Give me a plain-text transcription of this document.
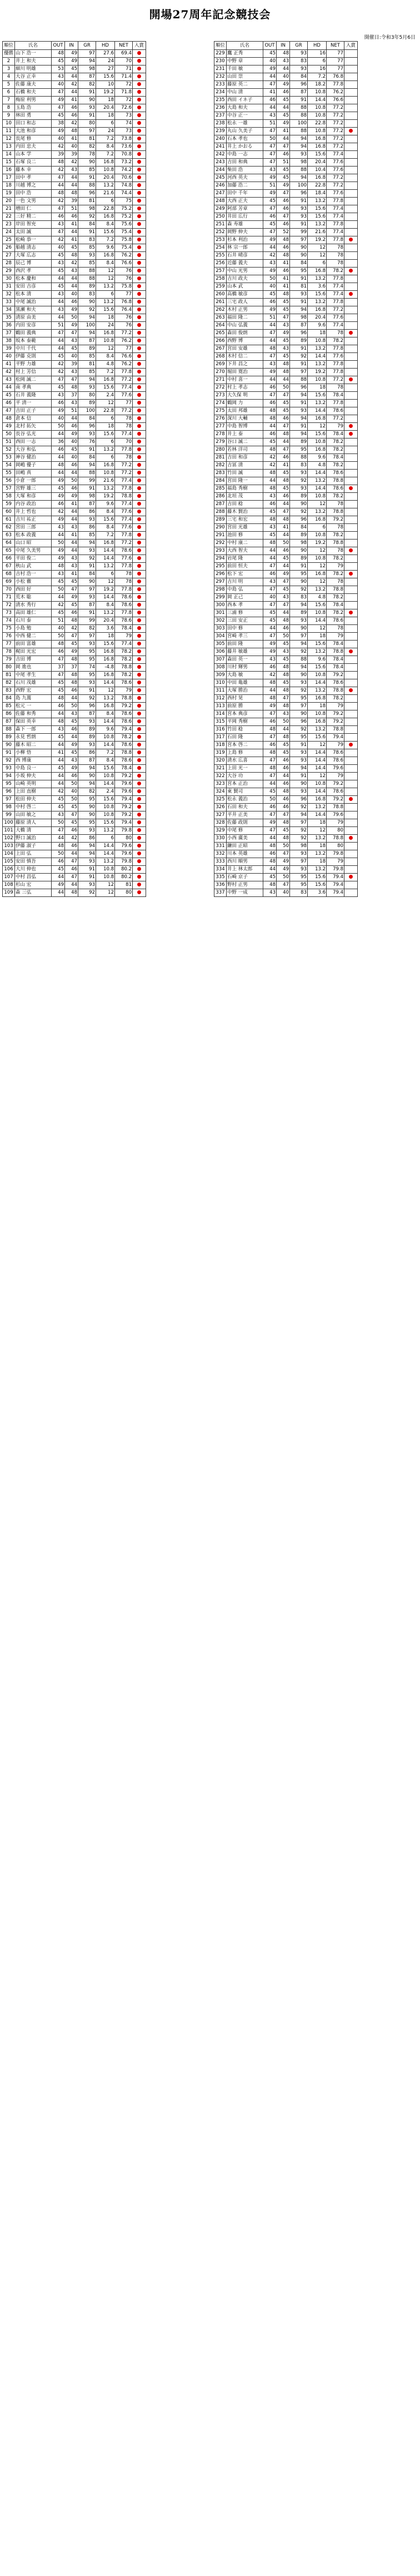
開場27周年記念競技会
開催日:令和3年5月6日
順位	氏名	OUT	IN	GR	HD	NET	入賞
優勝	山下 浩一	48	49	97	27.6	69.4	
2	井上 和夫	45	49	94	24	70	
3	細川 明雄	53	45	98	27	71	
4	大谷 正幸	43	44	87	15.6	71.4	
5	佐藤 康夫	40	42	82	10	72	
6	石橋 和夫	47	44	91	19.2	71.8	
7	梅原 利男	49	41	90	18	72	
8	玉島 浩	47	46	93	20.4	72.6	
9	林田 勇	45	46	91	18	73	
10	田口 和志	38	42	80	6	74	
11	大池 和彦	49	48	97	24	73	
12	長尾 修	40	41	81	7.2	73.8	
13	内田 忠夫	42	40	82	8.4	73.6	
14	山本 学	39	39	78	7.2	70.8	
15	石塚 良二	48	42	90	16.8	73.2	
16	藤本 幸	42	43	85	10.8	74.2	
17	田中 孝	47	44	91	20.4	70.6	
18	川越 博之	44	44	88	13.2	74.8	
19	田中 浩	48	48	96	21.6	74.4	
20	一色 文男	42	39	81	6	75	
21	増田 仁	47	51	98	22.8	75.2	
22	三好 精二	46	46	92	16.8	75.2	
23	岸田 智充	43	41	84	8.4	75.6	
24	太田 誠	47	44	91	15.6	75.4	
25	松崎 恭一	42	41	83	7.2	75.8	
26	船越 清志	40	45	85	9.6	75.4	
27	大塚 広志	45	48	93	16.8	76.2	
28	辰己 博	43	42	85	8.4	76.6	
29	西沢 孝	45	43	88	12	76	
30	松本 慶和	44	44	88	12	76	
31	安田 吉彦	45	44	89	13.2	75.8	
32	松本 清	43	40	83	6	77	
33	中尾 誠治	44	46	90	13.2	76.8	
34	黒瀬 和夫	43	49	92	15.6	76.4	
35	清原 由美	44	50	94	18	76	
36	内田 安彦	51	49	100	24	76	
37	鶴田 義典	47	47	94	16.8	77.2	
38	坂本 泰範	44	43	87	10.8	76.2	
39	中川 千代	44	45	89	12	77	
40	伊藤 克則	45	40	85	8.4	76.6	
41	平野 力雄	42	39	81	4.8	76.2	
42	村上 芳信	42	43	85	7.2	77.8	
43	松岡 誠二	47	47	94	16.8	77.2	
44	南 孝典	45	48	93	15.6	77.4	
45	石井 義隆	43	37	80	2.4	77.6	
46	平 清一	46	43	89	12	77	
47	吉田 正子	49	51	100	22.8	77.2	
48	倉本 信	40	44	84	6	78	
49	北村 拓矢	50	46	96	18	78	
50	長谷 弘光	44	49	93	15.6	77.4	
51	西田 一志	36	40	76	6	70	
52	大谷 和弘	46	45	91	13.2	77.8	
53	神谷 健治	44	40	84	6	78	
54	岡嶋 優子	48	46	94	16.8	77.2	
55	田嶋 真	44	44	88	10.8	77.2	
56	小倉 一郎	49	50	99	21.6	77.4	
57	宮野 雄三	45	46	91	13.2	77.8	
58	大塚 和彦	49	49	98	19.2	78.8	
59	内谷 政治	46	41	87	9.6	77.4	
60	井上 哲也	42	44	86	8.4	77.6	
61	吉川 祐正	49	44	93	15.6	77.4	
62	宮田 三郎	43	43	86	8.4	77.6	
63	松本 政義	44	41	85	7.2	77.8	
64	山口 昭	50	44	94	16.8	77.2	
65	中尾 久美男	49	44	93	14.4	78.6	
66	平田 俊二	49	43	92	14.4	77.6	
67	秋山 武	48	43	91	13.2	77.8	
68	吉村 浩一	43	41	84	6	78	
69	小松 徹	45	45	90	12	78	
70	西田 好	50	47	97	19.2	77.8	
71	荒木 聡	44	49	93	14.4	78.6	
72	清水 秀行	42	45	87	8.4	78.6	
73	高田 雄仁	45	46	91	13.2	77.8	
74	石川 泰	51	48	99	20.4	78.6	
75	小島 勉	40	42	82	3.6	78.4	
76	中西 健二	50	47	97	18	79	
77	前田 富雄	48	45	93	15.6	77.4	
78	梶田 光宏	46	49	95	16.8	78.2	
79	吉田 博	47	48	95	16.8	78.2	
80	岡 進也	37	37	74	-4.8	78.8	
81	中尾 孝生	47	48	95	16.8	78.2	
82	石川 茂雄	45	48	93	14.4	78.6	
83	西野 宏	45	46	91	12	79	
84	島 九萬	48	44	92	13.2	78.8	
85	松元 一	46	50	96	16.8	79.2	
86	佐藤 和秀	44	43	87	8.4	78.6	
87	保田 英幸	48	45	93	14.4	78.6	
88	森下 一郎	43	46	89	9.6	79.4	
89	永見 哲朗	45	44	89	10.8	78.2	
90	藤木 昭二	44	49	93	14.4	78.6	
91	小柳 悟	41	45	86	7.2	78.8	
92	西 博康	44	43	87	8.4	78.6	
93	中島 良一	45	49	94	15.6	78.4	
94	小坂 伸夫	44	46	90	10.8	79.2	
95	山崎 英明	44	50	94	14.4	79.6	
96	上田 直樹	42	40	82	2.4	79.6	
97	松田 伸夫	45	50	95	15.6	79.4	
98	中村 啓二	45	45	90	10.8	79.2	
99	山田 敏之	43	47	90	10.8	79.2	
100	藤原 清人	50	45	95	15.6	79.4	
101	大橋 清	47	46	93	13.2	79.8	
102	野口 誠治	44	42	86	6	80	
103	伊藤 淑子	48	46	94	14.4	79.6	
104	上田 弘	50	44	94	14.4	79.6	
105	安田 慎吾	46	47	93	13.2	79.8	
106	大川 伸也	45	46	91	10.8	80.2	
107	中村 昌弘	44	47	91	10.8	80.2	
108	杉山 宏	49	44	93	12	81	
109	森 三弘	44	48	92	12	80	
順位	氏名	OUT	IN	GR	HD	NET	入賞
229	鷹 正秀	45	48	93	16	77	
230	中野 章	40	43	83	6	77	
231	千田 敏	49	44	93	16	77	
232	山田 崇	44	40	84	7.2	76.8	
233	藤原 英二	47	49	96	18.2	77.8	
234	中山 清	41	46	87	10.8	76.2	
235	西田 イネ子	46	45	91	14.4	76.6	
236	大島 和夫	44	44	88	10.8	77.2	
237	中谷 正一	43	45	88	10.8	77.2	
238	松永 一雄	51	49	100	22.8	77.2	
239	丸山 久美子	47	41	88	10.8	77.2	
240	石本 孝也	50	44	94	16.8	77.2	
241	井上 かおる	47	47	94	16.8	77.2	
242	中島 一志	47	46	93	15.6	77.4	
243	吉田 和典	47	51	98	20.4	77.6	
244	柴田 浩	43	45	88	10.4	77.6	
245	河西 英夫	49	45	94	16.8	77.2	
246	加藤 浩二	51	49	100	22.8	77.2	
247	田中 千年	49	47	96	18.4	77.6	
248	大西 正夫	45	46	91	13.2	77.8	
249	阿部 芳章	47	46	93	15.6	77.4	
250	井田 広行	46	47	93	15.6	77.4	
251	森 寿雄	45	46	91	13.2	77.8	
252	岡野 伸夫	47	52	99	21.6	77.4	
253	杉本 利治	49	48	97	19.2	77.8	
254	林 宗一郎	44	46	90	12	78	
255	石井 晴彦	42	48	90	12	78	
256	近藤 義夫	43	41	84	6	78	
257	中山 光男	49	46	95	16.8	78.2	
258	吉川 政夫	50	41	91	13.2	77.8	
259	山本 武	40	41	81	3.6	77.4	
260	高橋 敏彦	45	48	93	15.6	77.4	
261	三宅 政人	46	45	91	13.2	77.8	
262	木村 正男	49	45	94	16.8	77.2	
263	福田 隆二	51	47	98	20.4	77.6	
264	中山 弘義	44	43	87	9.6	77.4	
265	森田 俊朗	47	49	96	18	78	
266	西野 博	44	45	89	10.8	78.2	
267	宮田 安雄	48	43	91	13.2	77.8	
268	木村 信二	47	45	92	14.4	77.6	
269	下井 昌之	43	48	91	13.2	77.8	
270	堀田 寛治	49	48	97	19.2	77.8	
271	中村 喜一	44	44	88	10.8	77.2	
272	村上 孝志	46	50	96	18	78	
273	大久保 明	47	47	94	15.6	78.4	
274	鶴岡 力	46	45	91	13.2	77.8	
275	太田 邦雄	48	45	93	14.4	78.6	
276	深川 大輔	48	46	94	16.8	77.2	
277	中島 智博	44	47	91	12	79	
278	井上 泰	46	48	94	15.6	78.4	
279	谷口 誠二	45	44	89	10.8	78.2	
280	若林 洋司	48	47	95	16.8	78.2	
281	吉田 和彦	42	46	88	9.6	78.4	
282	吉冨 清	42	41	83	4.8	78.2	
283	竹田 誠	48	45	93	14.4	78.6	
284	宮田 隆一	44	48	92	13.2	78.8	
285	福島 秀樹	48	45	93	14.4	78.6	
286	北垣 茂	43	46	89	10.8	78.2	
287	吉田 稔	46	44	90	12	78	
288	藤木 賢治	45	47	92	13.2	78.8	
289	三宅 和宏	48	48	96	16.8	79.2	
290	宮田 光雄	43	41	84	6	78	
291	池田 修	45	44	89	10.8	78.2	
292	中村 康二	48	50	98	19.2	78.8	
293	大西 智夫	44	46	90	12	78	
294	岩尾 隆	44	45	89	10.8	78.2	
295	前田 恒夫	47	44	91	12	79	
296	松下 宏	46	49	95	16.8	78.2	
297	吉川 明	43	47	90	12	78	
298	中島 弘	47	45	92	13.2	78.8	
299	岡 正己	40	43	83	4.8	78.2	
300	西本 孝	47	47	94	15.6	78.4	
301	三浦 修	45	44	89	10.8	78.2	
302	三田 安正	45	48	93	14.4	78.6	
303	田中 修	44	46	90	12	78	
304	宮崎 孝三	47	50	97	18	79	
305	前田 隆	49	45	94	15.6	78.4	
306	藤井 敏雄	49	43	92	13.2	78.8	
307	森田 英一	43	45	88	9.6	78.4	
308	川村 輝男	46	48	94	15.6	78.4	
309	大島 敏	42	48	90	10.8	79.2	
310	中田 亀雄	48	45	93	14.4	78.6	
311	大塚 勝治	44	48	92	13.2	78.8	
312	西村 晃	48	47	95	16.8	78.2	
313	前原 勝	49	48	97	18	79	
314	宮本 典彦	47	43	90	10.8	79.2	
315	平岡 秀樹	46	50	96	16.8	79.2	
316	竹田 稔	48	44	92	13.2	78.8	
317	石田 隆	47	48	95	15.6	79.4	
318	宮本 啓二	46	45	91	12	79	
319	上島 修	48	45	93	14.4	78.6	
320	清水 広喜	47	46	93	14.4	78.6	
321	上田 光一	48	46	94	14.4	79.6	
322	大谷 功	47	44	91	12	79	
323	宮本 正治	44	46	90	10.8	79.2	
324	東 賢司	45	48	93	14.4	78.6	
325	松永 義治	50	46	96	16.8	79.2	
326	石田 和夫	46	46	92	13.2	78.8	
327	平井 正美	47	47	94	14.4	79.6	
328	佐藤 政則	49	48	97	18	79	
329	中尾 修	47	45	92	12	80	
330	小西 廣美	44	48	92	13.2	78.8	
331	鎌田 正昭	48	50	98	18	80	
332	川本 英雄	46	47	93	13.2	79.8	
333	西川 順男	48	49	97	18	79	
334	井上 林太郎	44	49	93	13.2	79.8	
335	石崎 京子	45	50	95	15.6	79.4	
336	野村 正男	48	47	95	15.6	79.4	
337	中野 一成	43	40	83	3.6	79.4	
